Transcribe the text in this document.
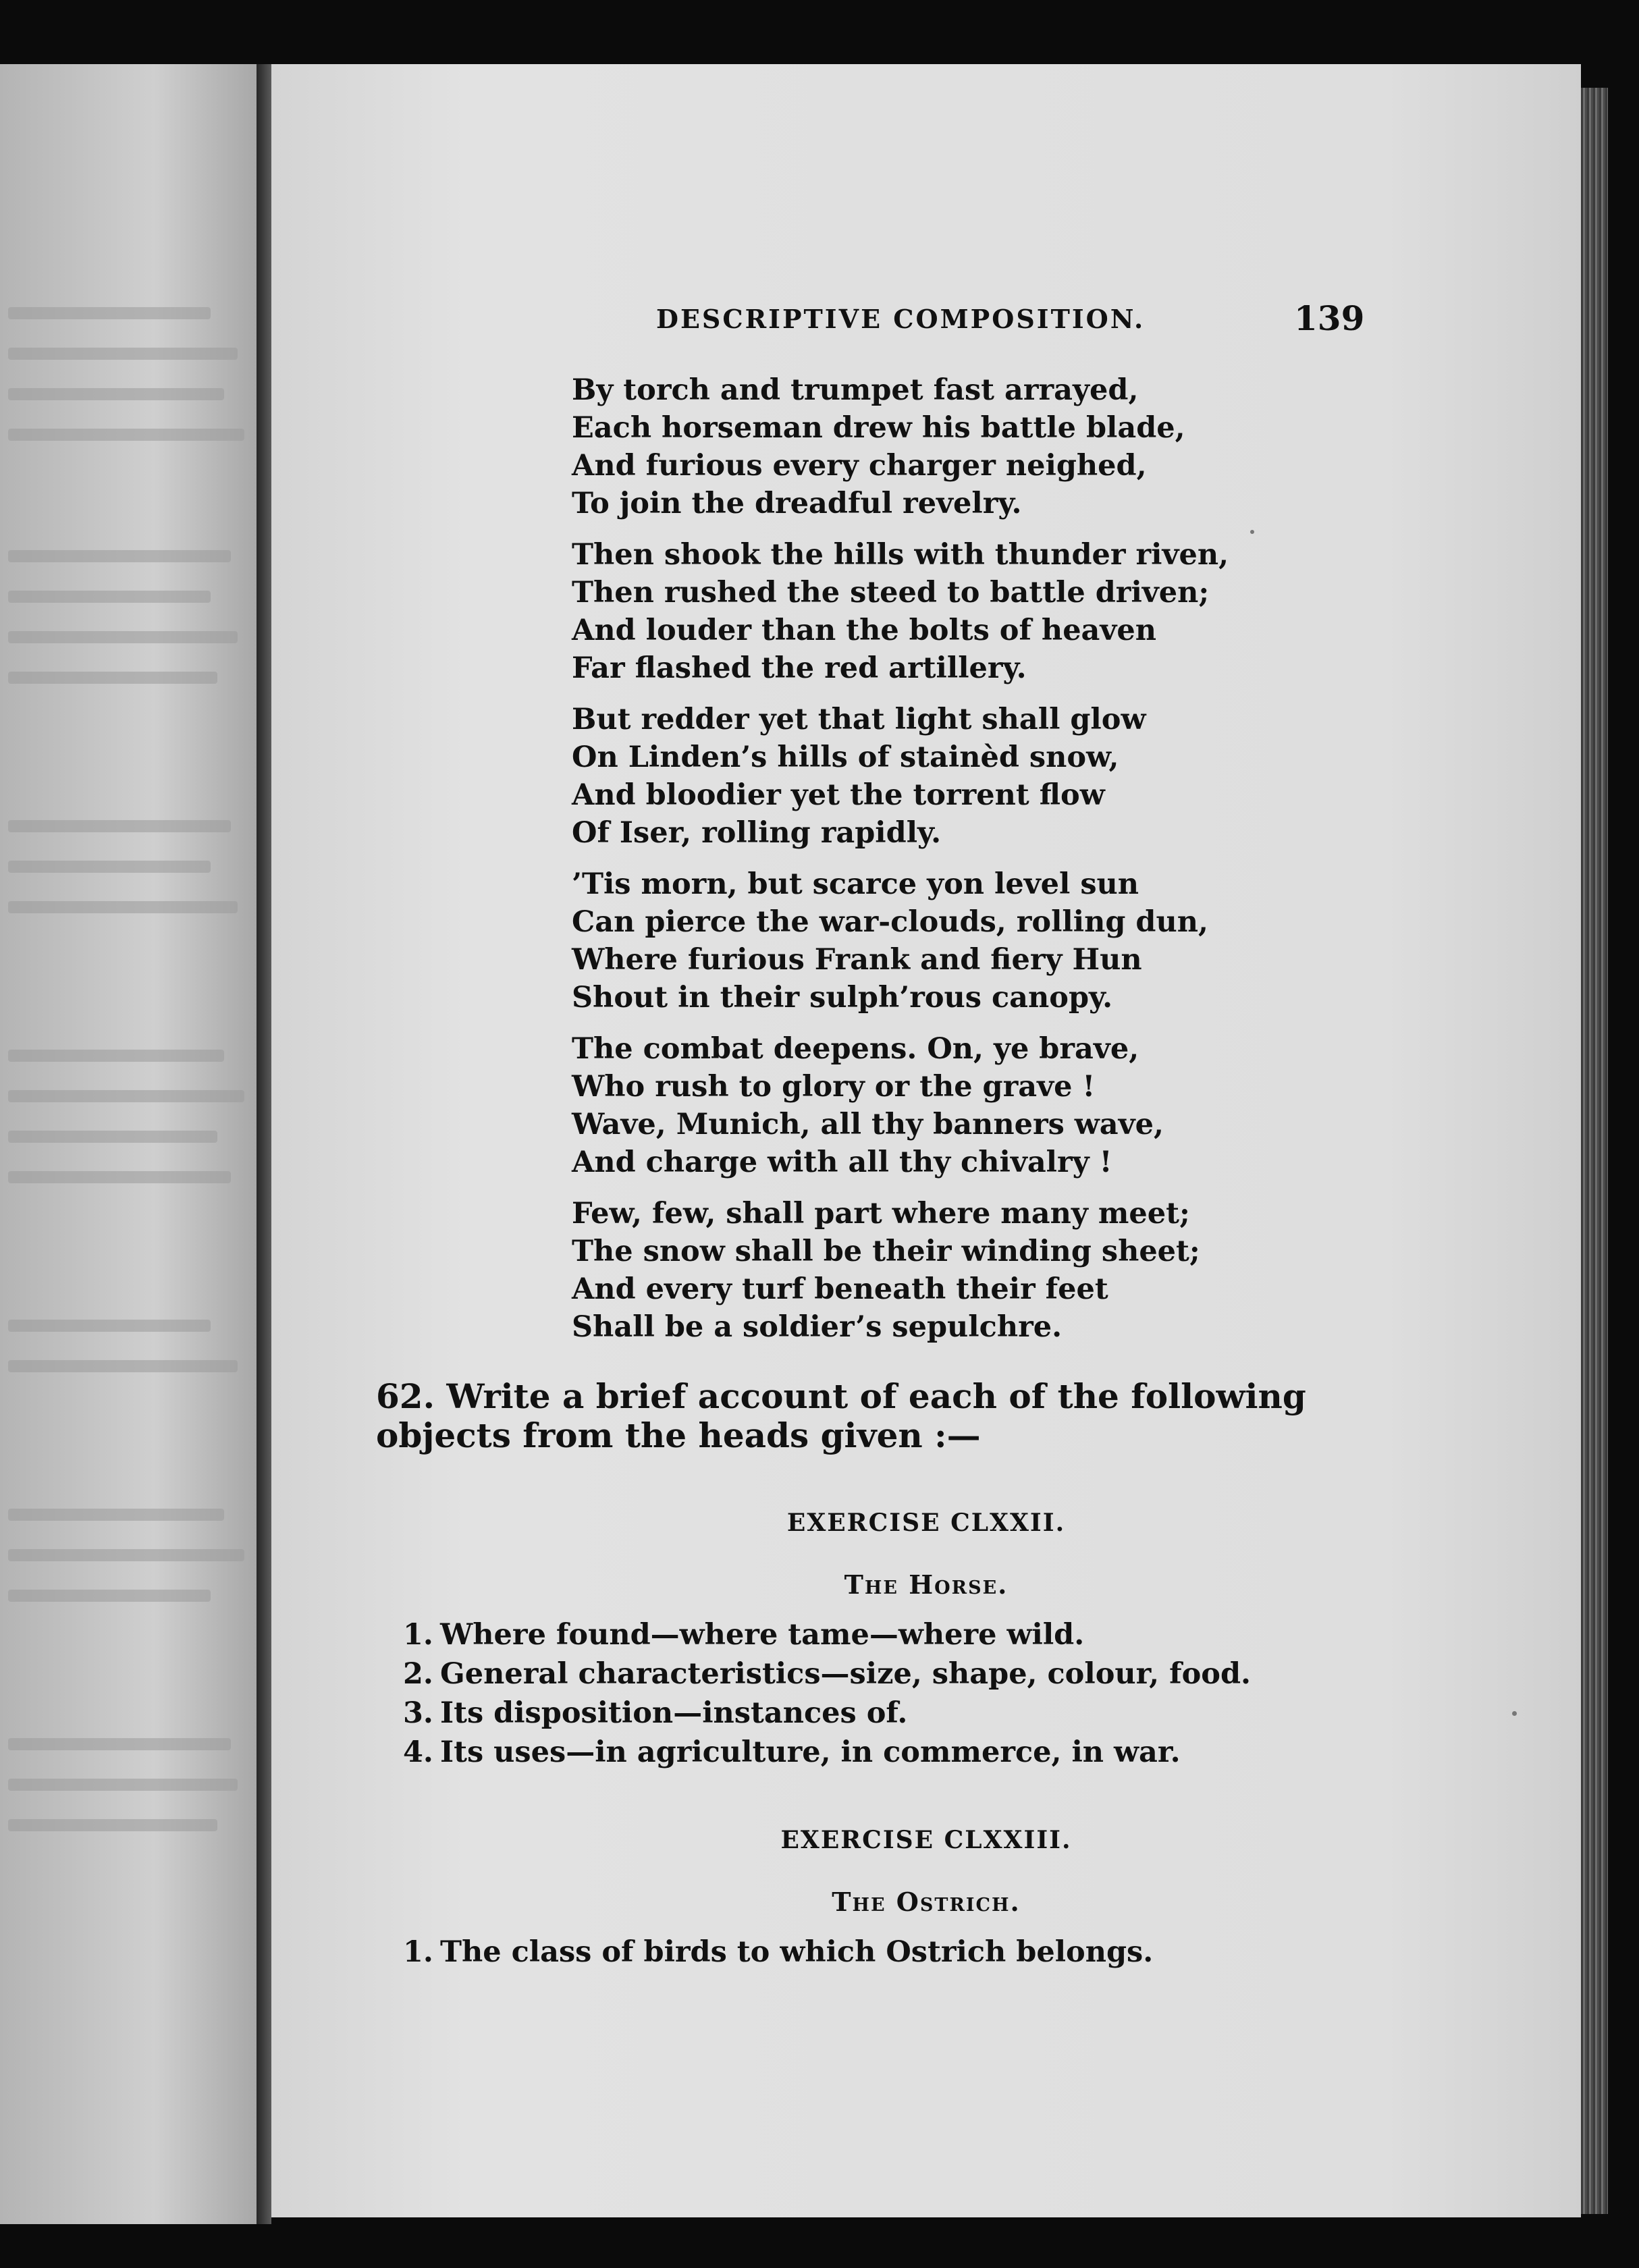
DESCRIPTIVE COMPOSITION.	139
By torch and trumpet fast arrayed,
Each horseman drew his battle blade,
And furious every charger neighed,
To join the dreadful revelry.
Then shook the hills with thunder riven,
Then rushed the steed to battle driven;
And louder than the bolts of heaven
Far flashed the red artillery.
But redder yet that light shall glow
On Linden’s hills of stainèd snow,
And bloodier yet the torrent flow
Of Iser, rolling rapidly.
’Tis morn, but scarce yon level sun
Can pierce the war-clouds, rolling dun,
Where furious Frank and fiery Hun
Shout in their sulph’rous canopy.
The combat deepens. On, ye brave,
Who rush to glory or the grave !
Wave, Munich, all thy banners wave,
And charge with all thy chivalry !
Few, few, shall part where many meet;
The snow shall be their winding sheet;
And every turf beneath their feet
Shall be a soldier’s sepulchre.
62. Write a brief account of each of the following objects from the heads given :—
EXERCISE CLXXII.
The Horse.
1. Where found—where tame—where wild.
2. General characteristics—size, shape, colour, food.
3. Its disposition—instances of.
4. Its uses—in agriculture, in commerce, in war.
EXERCISE CLXXIII.
The Ostrich.
1. The class of birds to which Ostrich belongs.
